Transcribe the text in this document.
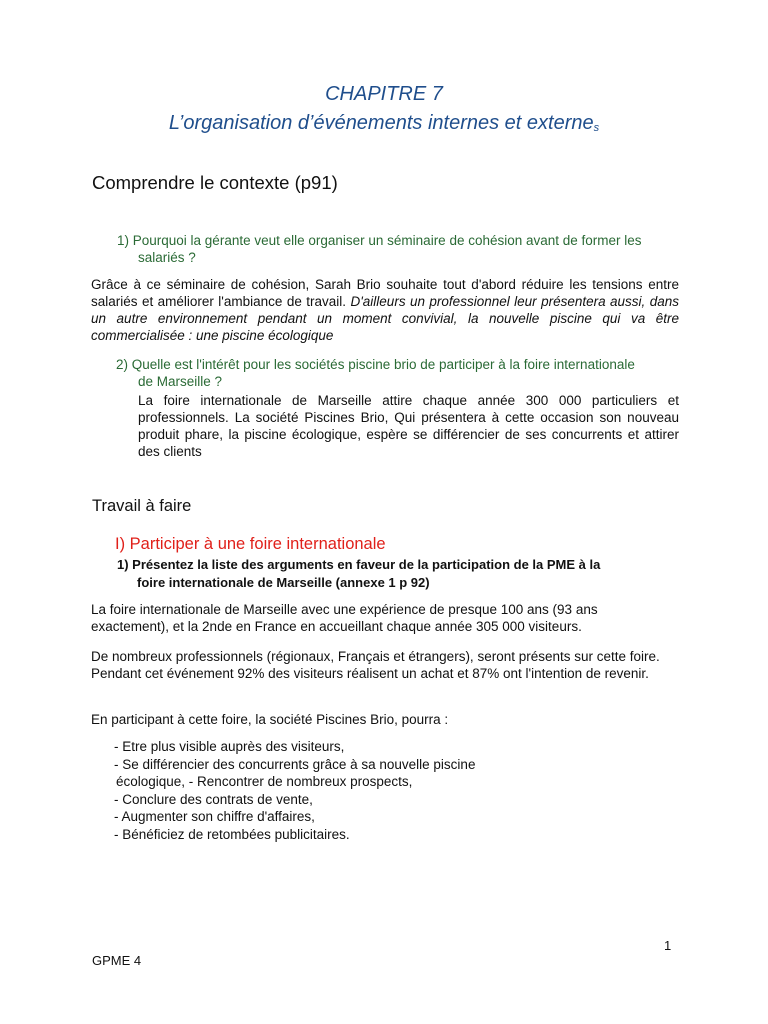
CHAPITRE 7
L’organisation d’événements internes et externes
Comprendre le contexte (p91)
1) Pourquoi la gérante veut elle organiser un séminaire de cohésion avant de former les
salariés ?
Grâce à ce séminaire de cohésion, Sarah Brio souhaite tout d'abord réduire les tensions entre salariés et améliorer l'ambiance de travail. D'ailleurs un professionnel leur présentera aussi, dans un autre environnement pendant un moment convivial, la nouvelle piscine qui va être commercialisée : une piscine écologique
2) Quelle est l'intérêt pour les sociétés piscine brio de participer à la foire internationale
de Marseille ?
La foire internationale de Marseille attire chaque année 300 000 particuliers et professionnels. La société Piscines Brio, Qui présentera à cette occasion son nouveau produit phare, la piscine écologique, espère se différencier de ses concurrents et attirer des clients
Travail à faire
I) Participer à une foire internationale
1) Présentez la liste des arguments en faveur de la participation de la PME à la
foire internationale de Marseille (annexe 1 p 92)
La foire internationale de Marseille avec une expérience de presque 100 ans (93 ans exactement), et la 2nde en France en accueillant chaque année 305 000 visiteurs.
De nombreux professionnels (régionaux, Français et étrangers), seront présents sur cette foire. Pendant cet événement 92% des visiteurs réalisent un achat et 87% ont l'intention de revenir.
En participant à cette foire, la société Piscines Brio, pourra :
- Etre plus visible auprès des visiteurs,
- Se différencier des concurrents grâce à sa nouvelle piscine
écologique, - Rencontrer de nombreux prospects,
- Conclure des contrats de vente,
- Augmenter son chiffre d'affaires,
- Bénéficiez de retombées publicitaires.
1
GPME 4
